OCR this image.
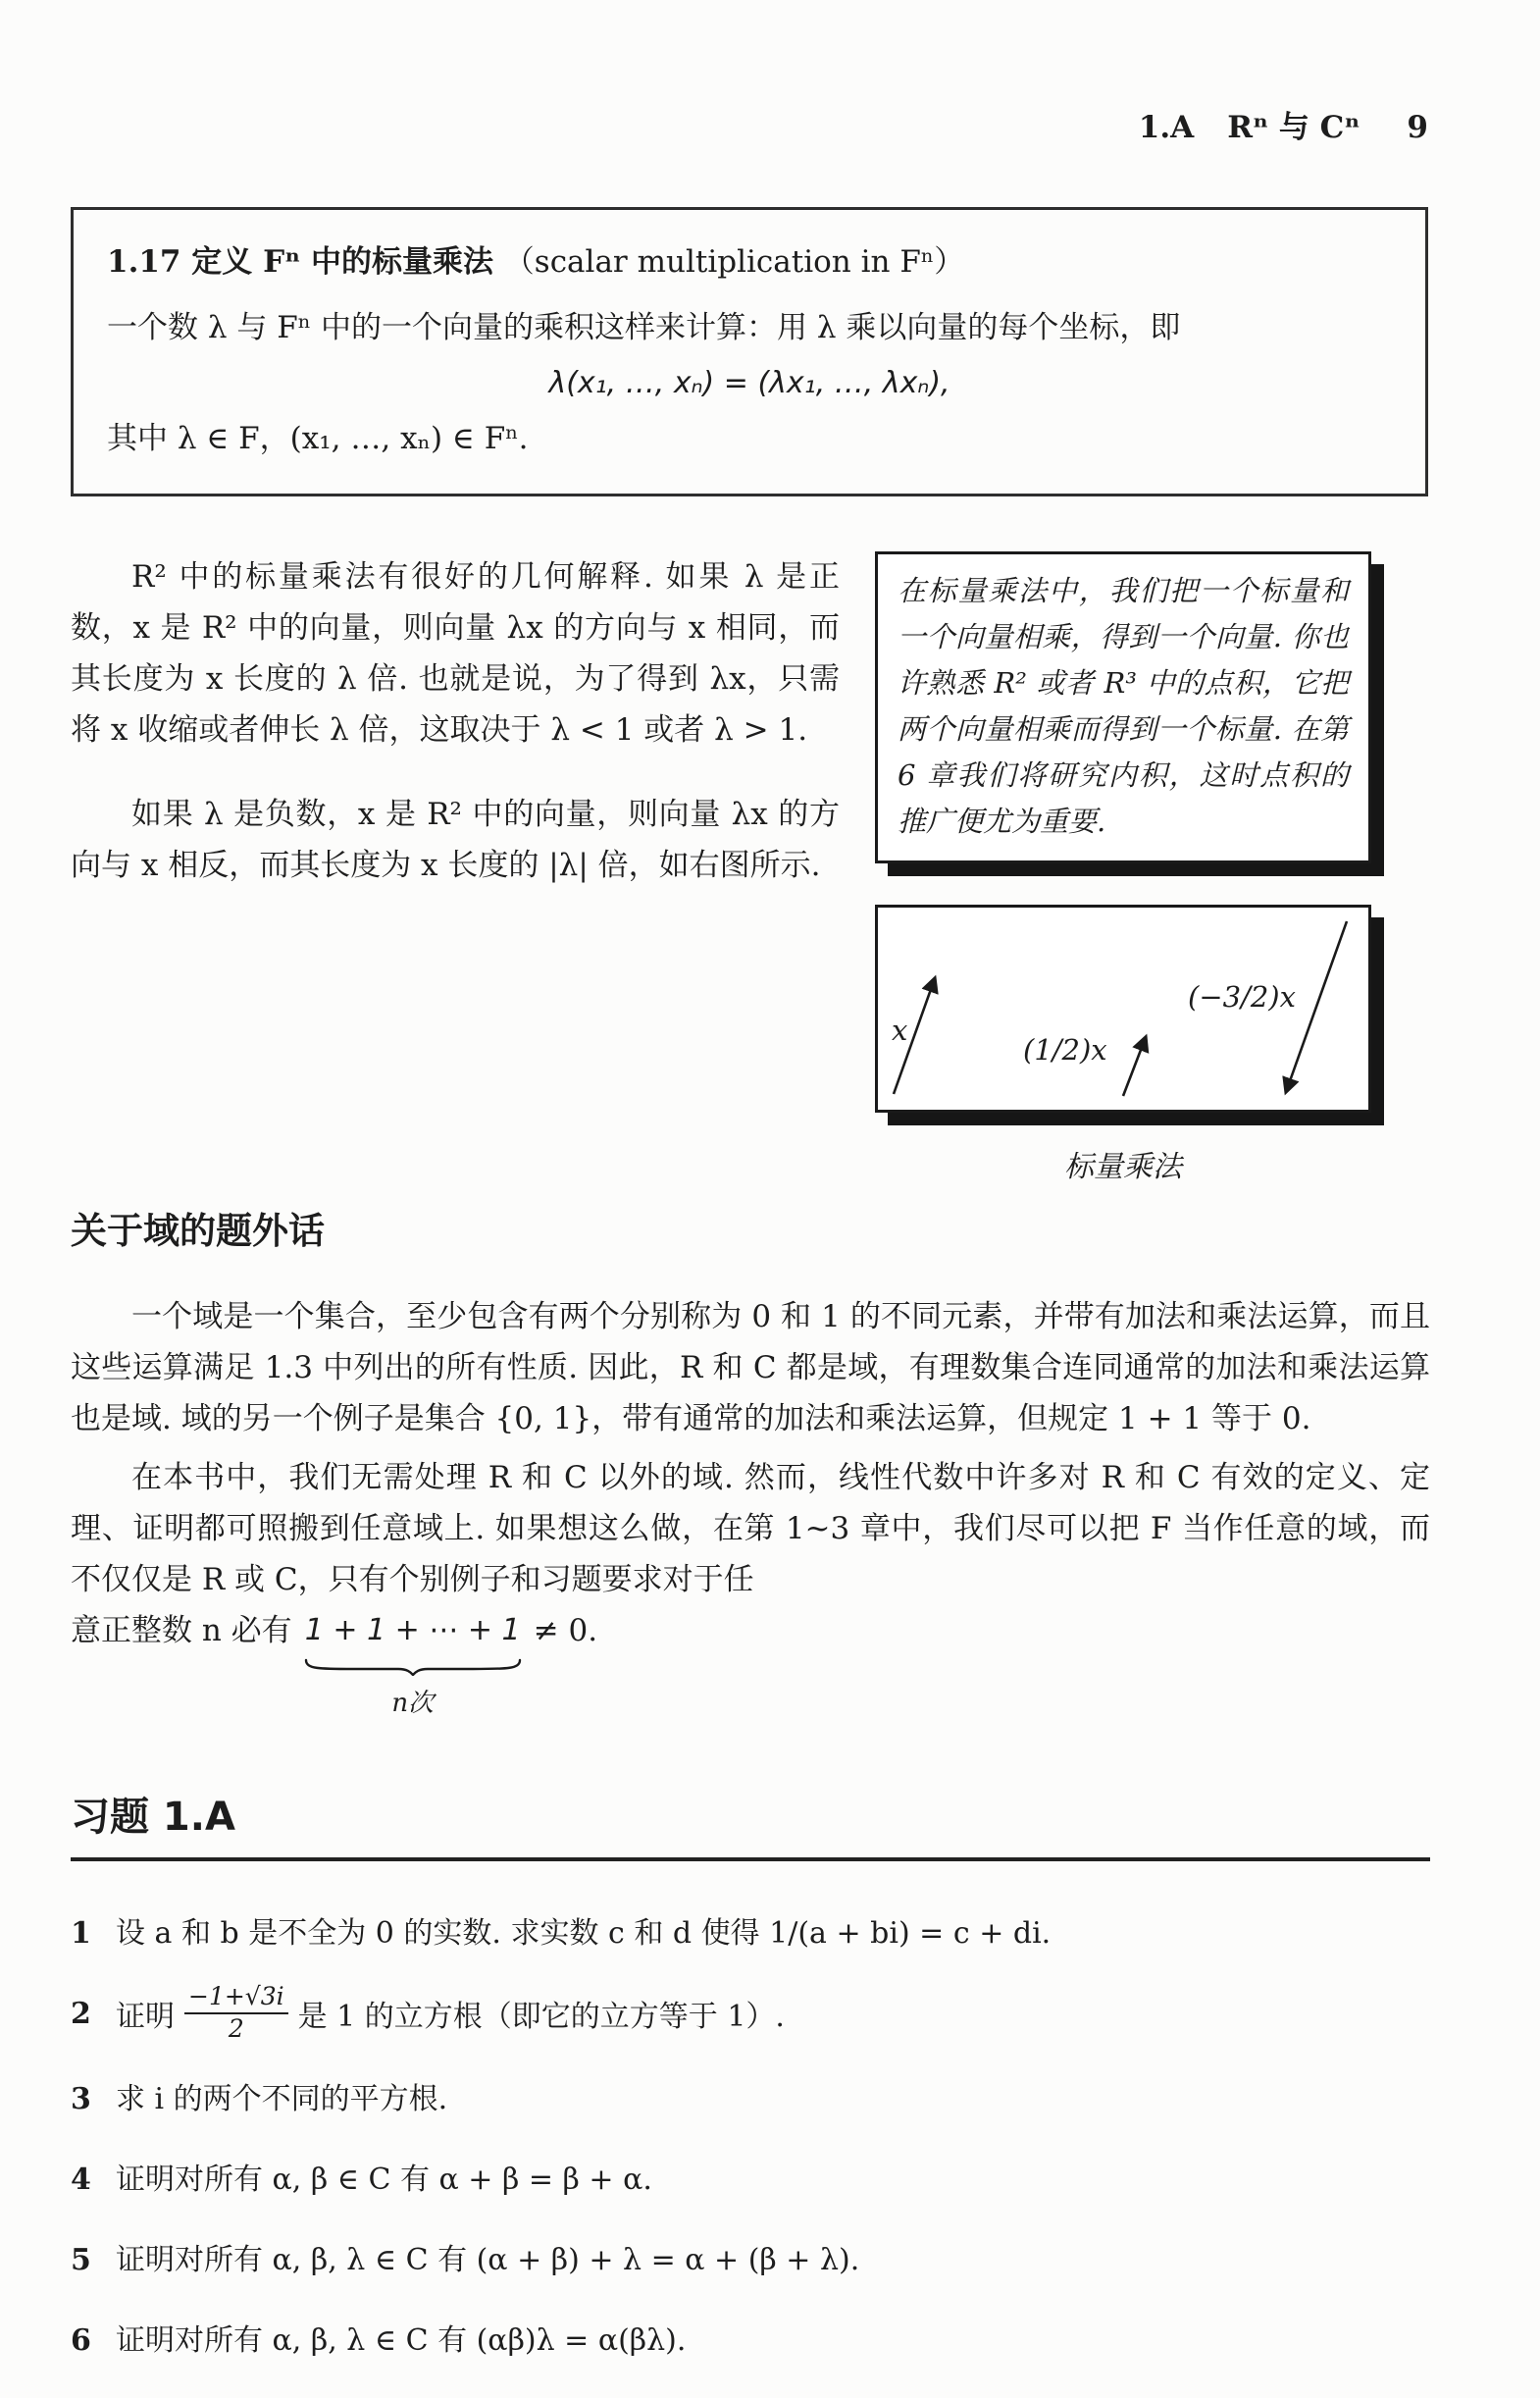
1.A Rⁿ 与 Cⁿ 9
1.17 定义 Fⁿ 中的标量乘法 （scalar multiplication in Fⁿ）
一个数 λ 与 Fⁿ 中的一个向量的乘积这样来计算：用 λ 乘以向量的每个坐标，即
λ(x₁, …, xₙ) = (λx₁, …, λxₙ),
其中 λ ∈ F，(x₁, …, xₙ) ∈ Fⁿ.

R² 中的标量乘法有很好的几何解释. 如果 λ 是正数，x 是 R² 中的向量，则向量 λx 的方向与 x 相同，而其长度为 x 长度的 λ 倍. 也就是说，为了得到 λx，只需将 x 收缩或者伸长 λ 倍，这取决于 λ < 1 或者 λ > 1.

如果 λ 是负数，x 是 R² 中的向量，则向量 λx 的方向与 x 相反，而其长度为 x 长度的 |λ| 倍，如右图所示.

在标量乘法中，我们把一个标量和一个向量相乘，得到一个向量. 你也许熟悉 R² 或者 R³ 中的点积，它把两个向量相乘而得到一个标量. 在第 6 章我们将研究内积，这时点积的推广便尤为重要.
x
(1/2)x
(−3/2)x
标量乘法
关于域的题外话

一个域是一个集合，至少包含有两个分别称为 0 和 1 的不同元素，并带有加法和乘法运算，而且这些运算满足 1.3 中列出的所有性质. 因此，R 和 C 都是域，有理数集合连同通常的加法和乘法运算也是域. 域的另一个例子是集合 {0, 1}，带有通常的加法和乘法运算，但规定 1 + 1 等于 0.

在本书中，我们无需处理 R 和 C 以外的域. 然而，线性代数中许多对 R 和 C 有效的定义、定理、证明都可照搬到任意域上. 如果想这么做，在第 1~3 章中，我们尽可以把 F 当作任意的域，而不仅仅是 R 或 C，只有个别例子和习题要求对于任

意正整数 n 必有 1 + 1 + ⋯ + 1
n次
≠ 0.
习题 1.A
1 设 a 和 b 是不全为 0 的实数. 求实数 c 和 d 使得 1/(a + bi) = c + di.
2 证明 $\frac{-1+√3i}{2}$ 是 1 的立方根（即它的立方等于 1）.
3 求 i 的两个不同的平方根.
4 证明对所有 α, β ∈ C 有 α + β = β + α.
5 证明对所有 α, β, λ ∈ C 有 (α + β) + λ = α + (β + λ).
6 证明对所有 α, β, λ ∈ C 有 (αβ)λ = α(βλ).
